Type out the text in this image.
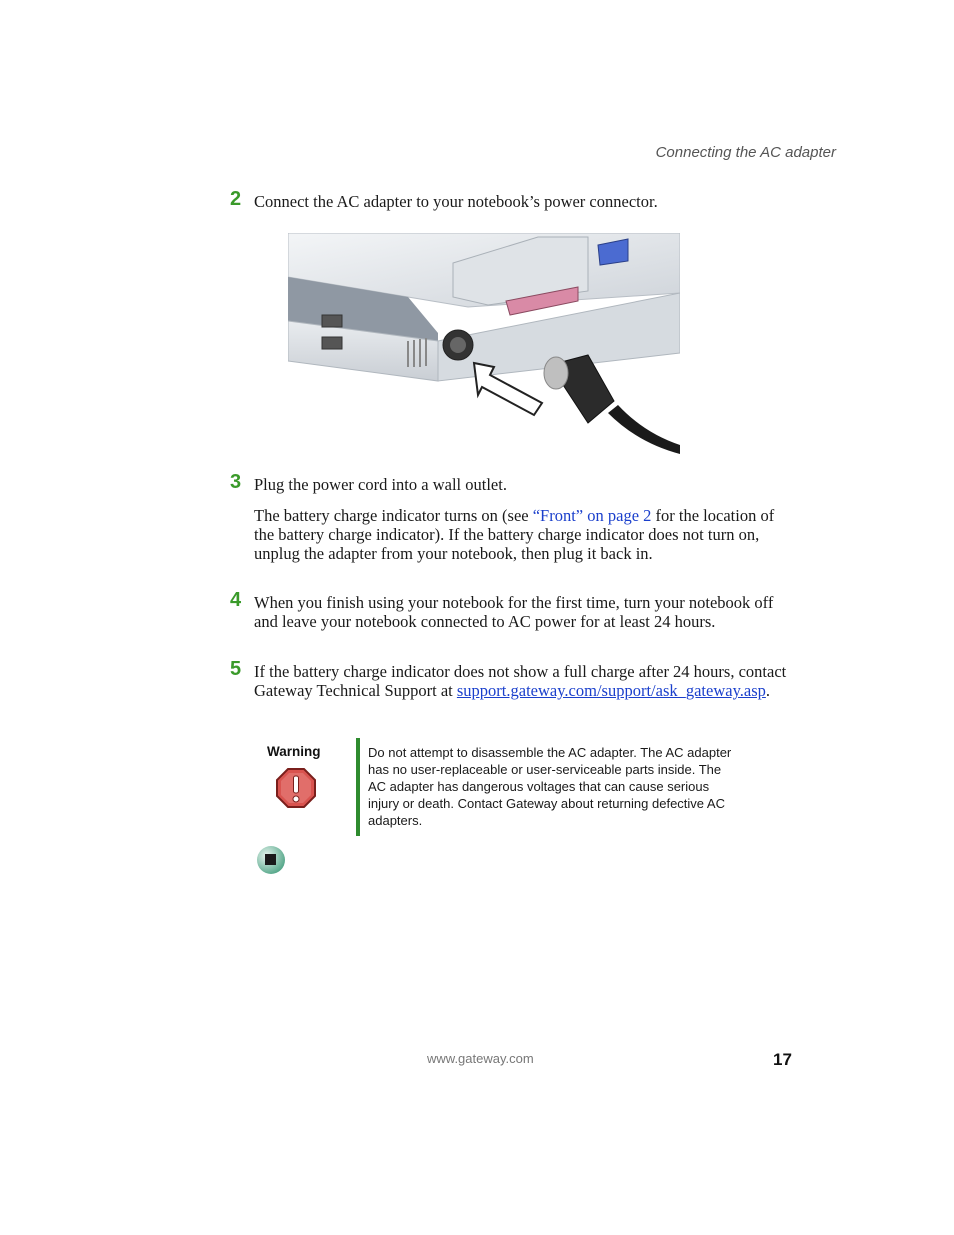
Connecting the AC adapter
2 Connect the AC adapter to your notebook’s power connector.
3 Plug the power cord into a wall outlet.
The battery charge indicator turns on (see “Front” on page 2 for the location of the battery charge indicator). If the battery charge indicator does not turn on, unplug the adapter from your notebook, then plug it back in.
4 When you finish using your notebook for the first time, turn your notebook off and leave your notebook connected to AC power for at least 24 hours.
5 If the battery charge indicator does not show a full charge after 24 hours, contact Gateway Technical Support at support.gateway.com/support/ask_gateway.asp.
Warning	Do not attempt to disassemble the AC adapter. The AC adapter has no user-replaceable or user-serviceable parts inside. The AC adapter has dangerous voltages that can cause serious injury or death. Contact Gateway about returning defective AC adapters.
www.gateway.com	17
